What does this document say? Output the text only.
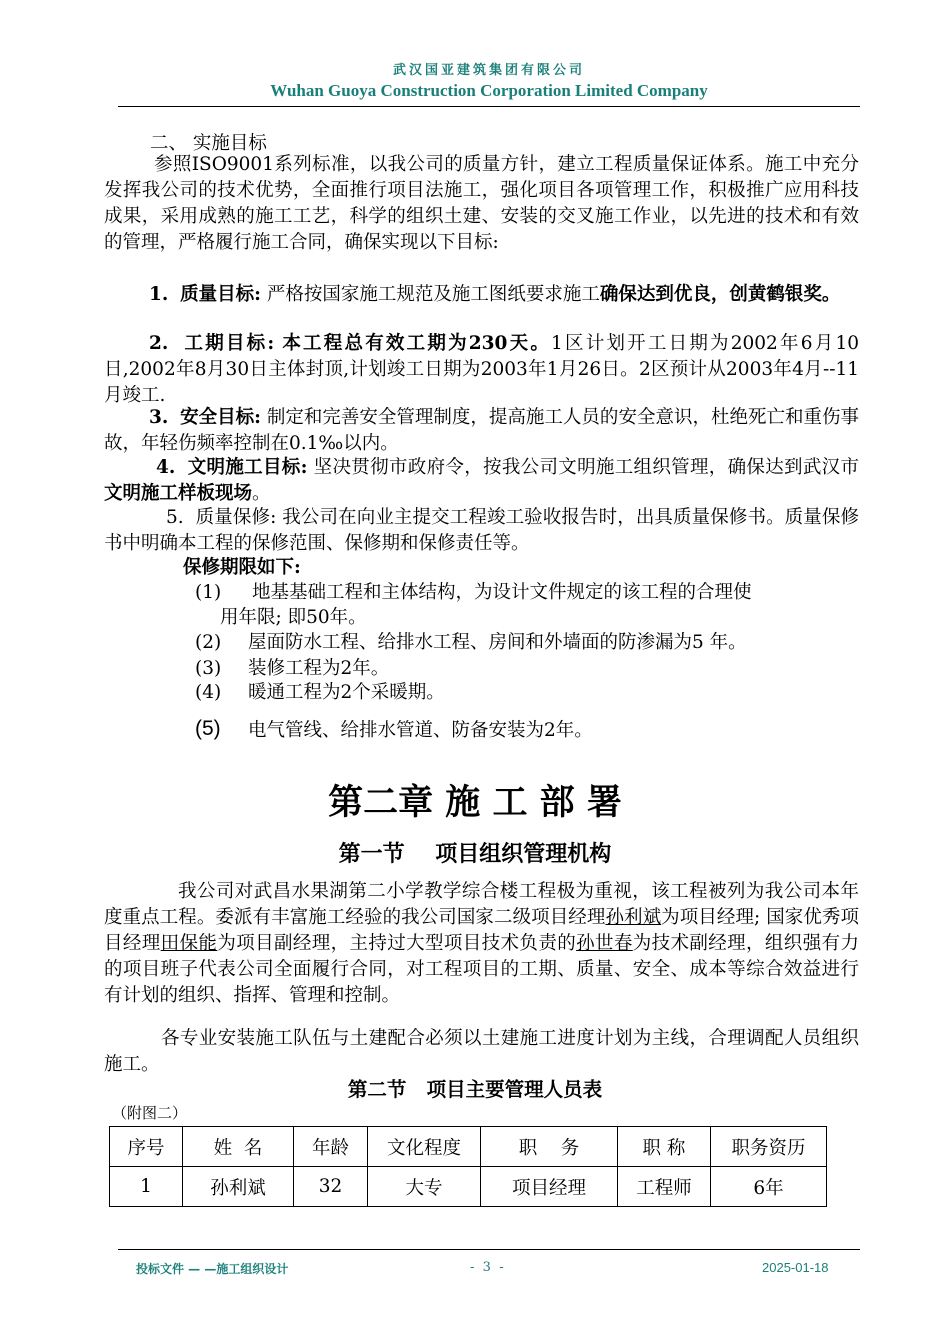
武汉国亚建筑集团有限公司
Wuhan Guoya Construction Corporation Limited Company
二、 实施目标
参照ISO9001系列标准，以我公司的质量方针，建立工程质量保证体系。施工中充分发挥我公司的技术优势，全面推行项目法施工，强化项目各项管理工作，积极推广应用科技成果，采用成熟的施工工艺，科学的组织土建、安装的交叉施工作业，以先进的技术和有效的管理，严格履行施工合同，确保实现以下目标:
1. 质量目标: 严格按国家施工规范及施工图纸要求施工确保达到优良，创黄鹤银奖。
2. 工期目标: 本工程总有效工期为230天。1区计划开工日期为2002年6月10日,2002年8月30日主体封顶,计划竣工日期为2003年1月26日。2区预计从2003年4月--11月竣工.
3. 安全目标: 制定和完善安全管理制度，提高施工人员的安全意识，杜绝死亡和重伤事故，年轻伤频率控制在0.1‰以内。
4. 文明施工目标: 坚决贯彻市政府令，按我公司文明施工组织管理，确保达到武汉市文明施工样板现场。
5. 质量保修: 我公司在向业主提交工程竣工验收报告时，出具质量保修书。质量保修书中明确本工程的保修范围、保修期和保修责任等。
保修期限如下:
(1) 地基基础工程和主体结构，为设计文件规定的该工程的合理使
用年限; 即50年。
(2) 屋面防水工程、给排水工程、房间和外墙面的防渗漏为5 年。
(3) 装修工程为2年。
(4) 暖通工程为2个采暖期。
(5) 电气管线、给排水管道、防备安装为2年。
第二章 施 工 部 署
第一节    项目组织管理机构
我公司对武昌水果湖第二小学教学综合楼工程极为重视，该工程被列为我公司本年度重点工程。委派有丰富施工经验的我公司国家二级项目经理孙利斌为项目经理; 国家优秀项目经理田保能为项目副经理，主持过大型项目技术负责的孙世春为技术副经理，组织强有力的项目班子代表公司全面履行合同，对工程项目的工期、质量、安全、成本等综合效益进行有计划的组织、指挥、管理和控制。
各专业安装施工队伍与土建配合必须以土建施工进度计划为主线，合理调配人员组织施工。
第二节   项目主要管理人员表
（附图二）
序号	姓  名	年龄	文化程度	职    务	职 称	职务资历
1	孙利斌	32	大专	项目经理	工程师	6年
投标文件 — —施工组织设计	-  3  -	2025-01-18
